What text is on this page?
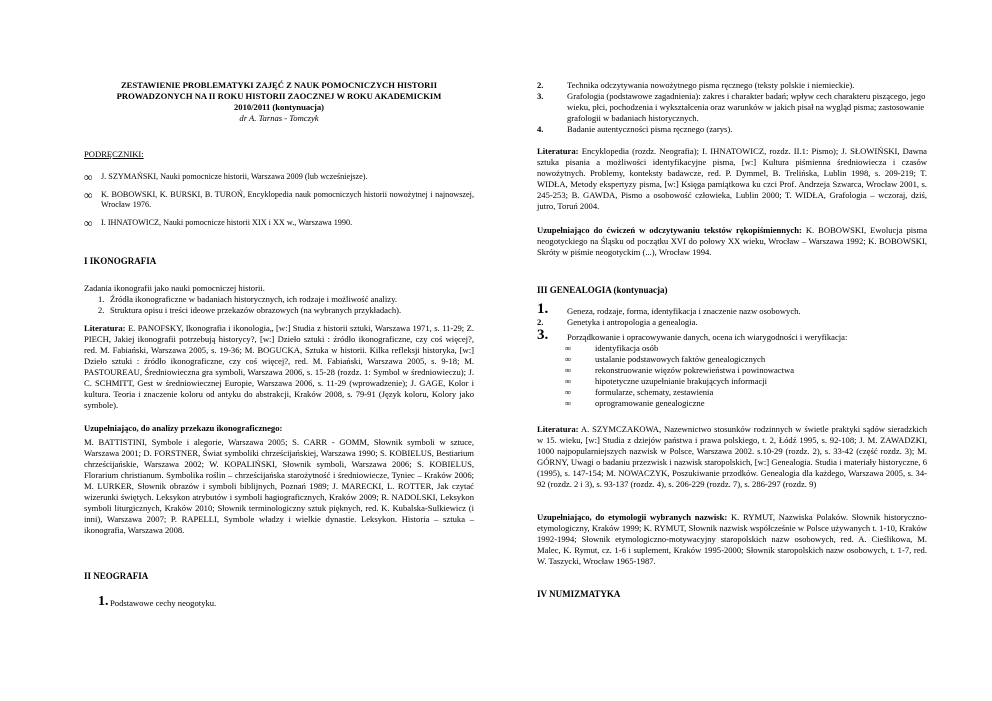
ZESTAWIENIE PROBLEMATYKI ZAJĘĆ Z NAUK POMOCNICZYCH HISTORII
PROWADZONYCH NA II ROKU HISTORII ZAOCZNEJ W ROKU AKADEMICKIM
2010/2011 (kontynuacja)
dr A. Tarnas - Tomczyk
PODRĘCZNIKI:
∞	J. SZYMAŃSKI, Nauki pomocnicze historii, Warszawa 2009 (lub wcześniejsze).
∞	K. BOBOWSKI, K. BURSKI, B. TUROŃ, Encyklopedia nauk pomocniczych historii nowożytnej i najnowszej, Wrocław 1976.
∞	I. IHNATOWICZ, Nauki pomocnicze historii XIX i XX w., Warszawa 1990.
I IKONOGRAFIA
Zadania ikonografii jako nauki pomocniczej historii.
1. Źródła ikonograficzne w badaniach historycznych, ich rodzaje i możliwość analizy.
2. Struktura opisu i treści ideowe przekazów obrazowych (na wybranych przykładach).
Literatura: E. PANOFSKY, Ikonografia i ikonologia„ [w:] Studia z historii sztuki, Warszawa 1971, s. 11-29; Z. PIECH, Jakiej ikonografii potrzebują historycy?, [w:] Dzieło sztuki : źródło ikonograficzne, czy coś więcej?, red. M. Fabiański, Warszawa 2005, s. 19-36; M. BOGUCKA, Sztuka w historii. Kilka refleksji historyka, [w:] Dzieło sztuki : źródło ikonograficzne, czy coś więcej?, red. M. Fabiański, Warszawa 2005, s. 9-18; M. PASTOUREAU, Średniowieczna gra symboli, Warszawa 2006, s. 15-28 (rozdz. 1: Symbol w średniowieczu); J. C. SCHMITT, Gest w średniowiecznej Europie, Warszawa 2006, s. 11-29 (wprowadzenie); J. GAGE, Kolor i kultura. Teoria i znaczenie koloru od antyku do abstrakcji, Kraków 2008, s. 79-91 (Język koloru, Kolory jako symbole).
Uzupełniająco, do analizy przekazu ikonograficznego:
M. BATTISTINI, Symbole i alegorie, Warszawa 2005; S. CARR - GOMM, Słownik symboli w sztuce, Warszawa 2001; D. FORSTNER, Świat symboliki chrześcijańskiej, Warszawa 1990; S. KOBIELUS, Bestiarium chrześcijańskie, Warszawa 2002; W. KOPALIŃSKI, Słownik symboli, Warszawa 2006; S. KOBIELUS, Florarium christianum. Symbolika roślin – chrześcijańska starożytność i średniowiecze, Tyniec – Kraków 2006; M. LURKER, Słownik obrazów i symboli biblijnych, Poznań 1989; J. MARECKI, L. ROTTER, Jak czytać wizerunki świętych. Leksykon atrybutów i symboli hagiograficznych, Kraków 2009; R. NADOLSKI, Leksykon symboli liturgicznych, Kraków 2010; Słownik terminologiczny sztuk pięknych, red. K. Kubalska-Sulkiewicz (i inni), Warszawa 2007; P. RAPELLI, Symbole władzy i wielkie dynastie. Leksykon. Historia – sztuka – ikonografia, Warszawa 2008.
II NEOGRAFIA
1. Podstawowe cechy neogotyku.
2.	Technika odczytywania nowożytnego pisma ręcznego (teksty polskie i niemieckie).
3.	Grafologia (podstawowe zagadnienia): zakres i charakter badań; wpływ cech charakteru piszącego, jego wieku, płci, pochodzenia i wykształcenia oraz warunków w jakich pisał na wygląd pisma; zastosowanie grafologii w badaniach historycznych.
4.	Badanie autentyczności pisma ręcznego (zarys).
Literatura: Encyklopedia (rozdz. Neografia); I. IHNATOWICZ, rozdz. II.1: Pismo); J. SŁOWIŃSKI, Dawna sztuka pisania a możliwości identyfikacyjne pisma, [w:] Kultura piśmienna średniowiecza i czasów nowożytnych. Problemy, konteksty badawcze, red. P. Dymmel, B. Trelińska, Lublin 1998, s. 209-219; T. WIDŁA, Metody ekspertyzy pisma, [w:] Księga pamiątkowa ku czci Prof. Andrzeja Szwarca, Wrocław 2001, s. 245-253; B. GAWDA, Pismo a osobowość człowieka, Lublin 2000; T. WIDŁA, Grafologia – wczoraj, dziś, jutro, Toruń 2004.
Uzupełniająco do ćwiczeń w odczytywaniu tekstów rękopiśmiennych: K. BOBOWSKI, Ewolucja pisma neogotyckiego na Śląsku od początku XVI do połowy XX wieku, Wrocław – Warszawa 1992; K. BOBOWSKI, Skróty w piśmie neogotyckim (...), Wrocław 1994.
III GENEALOGIA (kontynuacja)
1.	Geneza, rodzaje, forma, identyfikacja i znaczenie nazw osobowych.
2.	Genetyka i antropologia a genealogia.
3.	Porządkowanie i opracowywanie danych, ocena ich wiarygodności i weryfikacja:
∞	identyfikacja osób
∞	ustalanie podstawowych faktów genealogicznych
∞	rekonstruowanie więzów pokrewieństwa i powinowactwa
∞	hipotetyczne uzupełnianie brakujących informacji
∞	formularze, schematy, zestawienia
∞	oprogramowanie genealogiczne
Literatura: A. SZYMCZAKOWA, Nazewnictwo stosunków rodzinnych w świetle praktyki sądów sieradzkich w 15. wieku, [w:] Studia z dziejów państwa i prawa polskiego, t. 2, Łódź 1995, s. 92-108; J. M. ZAWADZKI, 1000 najpopularniejszych nazwisk w Polsce, Warszawa 2002. s.10-29 (rozdz. 2), s. 33-42 (część rozdz. 3); M. GÓRNY, Uwagi o badaniu przezwisk i nazwisk staropolskich, [w:] Genealogia. Studia i materiały historyczne, 6 (1995), s. 147-154; M. NOWACZYK, Poszukiwanie przodków. Genealogia dla każdego, Warszawa 2005, s. 34-92 (rozdz. 2 i 3), s. 93-137 (rozdz. 4), s. 206-229 (rozdz. 7), s. 286-297 (rozdz. 9)
Uzupełniająco, do etymologii wybranych nazwisk: K. RYMUT, Nazwiska Polaków. Słownik historyczno-etymologiczny, Kraków 1999; K. RYMUT, Słownik nazwisk współcześnie w Polsce używanych t. 1-10, Kraków 1992-1994; Słownik etymologiczno-motywacyjny staropolskich nazw osobowych, red. A. Cieślikowa, M. Malec, K. Rymut, cz. 1-6 i suplement, Kraków 1995-2000; Słownik staropolskich nazw osobowych, t. 1-7, red. W. Taszycki, Wrocław 1965-1987.
IV NUMIZMATYKA
